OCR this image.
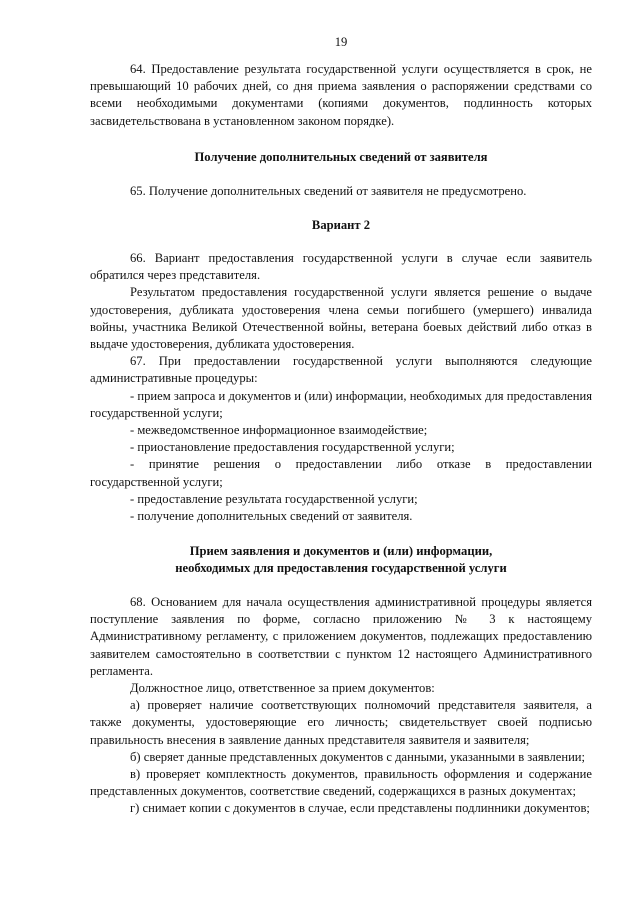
19

64. Предоставление результата государственной услуги осуществляется в срок, не превышающий 10 рабочих дней, со дня приема заявления о распоряжении средствами со всеми необходимыми документами (копиями документов, подлинность которых засвидетельствована в установленном законом порядке).

Получение дополнительных сведений от заявителя

65. Получение дополнительных сведений от заявителя не предусмотрено.

Вариант 2

66. Вариант предоставления государственной услуги в случае если заявитель обратился через представителя.

Результатом предоставления государственной услуги является решение о выдаче удостоверения, дубликата удостоверения члена семьи погибшего (умершего) инвалида войны, участника Великой Отечественной войны, ветерана боевых действий либо отказ в выдаче удостоверения, дубликата удостоверения.

67. При предоставлении государственной услуги выполняются следующие административные процедуры:

- прием запроса и документов и (или) информации, необходимых для предоставления государственной услуги;

- межведомственное информационное взаимодействие;

- приостановление предоставления государственной услуги;

- принятие решения о предоставлении либо отказе в предоставлении государственной услуги;

- предоставление результата государственной услуги;

- получение дополнительных сведений от заявителя.

Прием заявления и документов и (или) информации,

необходимых для предоставления государственной услуги

68. Основанием для начала осуществления административной процедуры является поступление заявления по форме, согласно приложению № 3 к настоящему Административному регламенту, с приложением документов, подлежащих предоставлению заявителем самостоятельно в соответствии с пунктом 12 настоящего Административного регламента.

Должностное лицо, ответственное за прием документов:

а) проверяет наличие соответствующих полномочий представителя заявителя, а также документы, удостоверяющие его личность; свидетельствует своей подписью правильность внесения в заявление данных представителя заявителя и заявителя;

б) сверяет данные представленных документов с данными, указанными в заявлении;

в) проверяет комплектность документов, правильность оформления и содержание представленных документов, соответствие сведений, содержащихся в разных документах;

г) снимает копии с документов в случае, если представлены подлинники документов;
